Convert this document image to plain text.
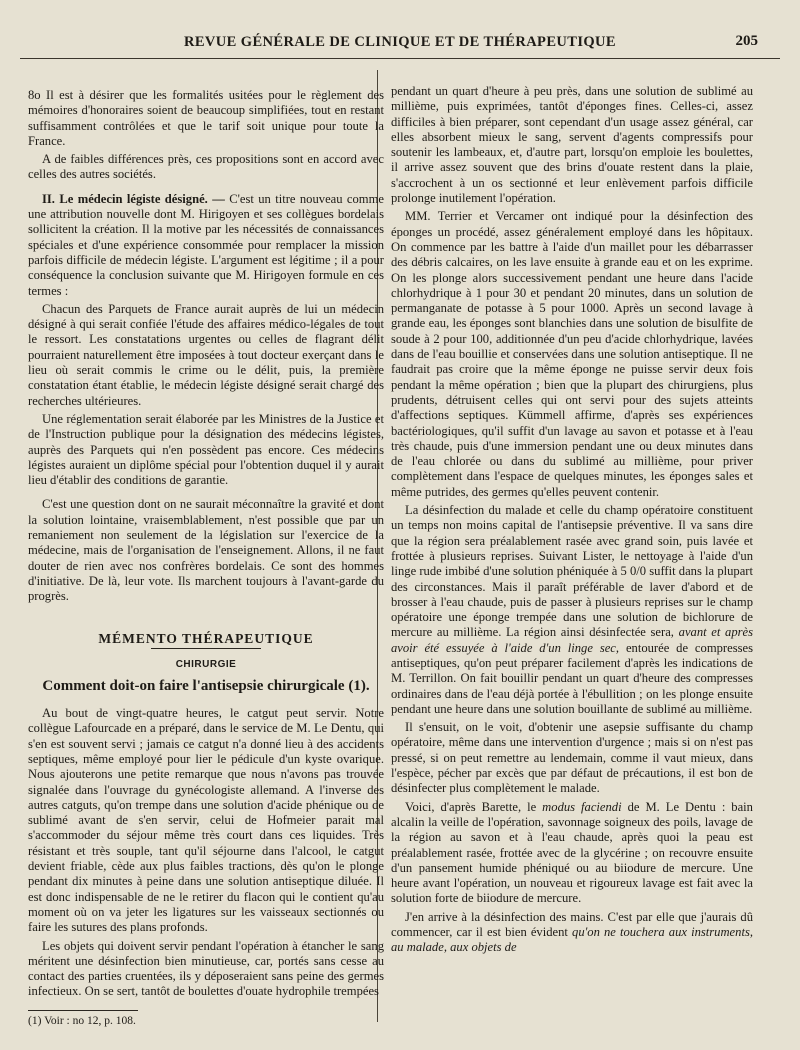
REVUE GÉNÉRALE DE CLINIQUE ET DE THÉRAPEUTIQUE	205

8o Il est à désirer que les formalités usitées pour le règlement des mémoires d'honoraires soient de beaucoup simplifiées, tout en restant suffisamment contrôlées et que le tarif soit unique pour toute la France.

A de faibles différences près, ces propositions sont en accord avec celles des autres sociétés.

II. Le médecin légiste désigné. — C'est un titre nouveau comme une attribution nouvelle dont M. Hirigoyen et ses collègues bordelais sollicitent la création. Il la motive par les nécessités de connaissances spéciales et d'une expérience consommée pour remplacer la mission parfois difficile de médecin légiste. L'argument est légitime ; il a pour conséquence la conclusion suivante que M. Hirigoyen formule en ces termes :

Chacun des Parquets de France aurait auprès de lui un médecin désigné à qui serait confiée l'étude des affaires médico-légales de tout le ressort. Les constatations urgentes ou celles de flagrant délit pourraient naturellement être imposées à tout docteur exerçant dans le lieu où serait commis le crime ou le délit, puis, la première constatation étant établie, le médecin légiste désigné serait chargé des recherches ultérieures.

Une réglementation serait élaborée par les Ministres de la Justice et de l'Instruction publique pour la désignation des médecins légistes, auprès des Parquets qui n'en possèdent pas encore. Ces médecins légistes auraient un diplôme spécial pour l'obtention duquel il y aurait lieu d'établir des conditions de garantie.

C'est une question dont on ne saurait méconnaître la gravité et dont la solution lointaine, vraisemblablement, n'est possible que par un remaniement non seulement de la législation sur l'exercice de la médecine, mais de l'organisation de l'enseignement. Allons, il ne faut douter de rien avec nos confrères bordelais. Ce sont des hommes d'initiative. De là, leur vote. Ils marchent toujours à l'avant-garde du progrès.

MÉMENTO THÉRAPEUTIQUE
CHIRURGIE
Comment doit-on faire l'antisepsie chirurgicale (1).

Au bout de vingt-quatre heures, le catgut peut servir. Notre collègue Lafourcade en a préparé, dans le service de M. Le Dentu, qui s'en est souvent servi ; jamais ce catgut n'a donné lieu à des accidents septiques, même employé pour lier le pédicule d'un kyste ovarique. Nous ajouterons une petite remarque que nous n'avons pas trouvée signalée dans l'ouvrage du gynécologiste allemand. A l'inverse des autres catguts, qu'on trempe dans une solution d'acide phénique ou de sublimé avant de s'en servir, celui de Hofmeier parait mal s'accommoder du séjour même très court dans ces liquides. Très résistant et très souple, tant qu'il séjourne dans l'alcool, le catgut devient friable, cède aux plus faibles tractions, dès qu'on le plonge pendant dix minutes à peine dans une solution antiseptique diluée. Il est donc indispensable de ne le retirer du flacon qui le contient qu'au moment où on va jeter les ligatures sur les vaisseaux sectionnés ou faire les sutures des plans profonds.

Les objets qui doivent servir pendant l'opération à étancher le sang méritent une désinfection bien minutieuse, car, portés sans cesse au contact des parties cruentées, ils y déposeraient sans peine des germes infectieux. On se sert, tantôt de boulettes d'ouate hydrophile trempées

(1) Voir : no 12, p. 108.

pendant un quart d'heure à peu près, dans une solution de sublimé au millième, puis exprimées, tantôt d'éponges fines. Celles-ci, assez difficiles à bien préparer, sont cependant d'un usage assez général, car elles absorbent mieux le sang, servent d'agents compressifs pour soutenir les lambeaux, et, d'autre part, lorsqu'on emploie les boulettes, il arrive assez souvent que des brins d'ouate restent dans la plaie, s'accrochent à un os sectionné et leur enlèvement parfois difficile prolonge inutilement l'opération.

MM. Terrier et Vercamer ont indiqué pour la désinfection des éponges un procédé, assez généralement employé dans les hôpitaux. On commence par les battre à l'aide d'un maillet pour les débarrasser des débris calcaires, on les lave ensuite à grande eau et on les exprime. On les plonge alors successivement pendant une heure dans l'acide chlorhydrique à 1 pour 30 et pendant 20 minutes, dans un solution de permanganate de potasse à 5 pour 1000. Après un second lavage à grande eau, les éponges sont blanchies dans une solution de bisulfite de soude à 2 pour 100, additionnée d'un peu d'acide chlorhydrique, lavées dans de l'eau bouillie et conservées dans une solution antiseptique. Il ne faudrait pas croire que la même éponge ne puisse servir deux fois pendant la même opération ; bien que la plupart des chirurgiens, plus prudents, détruisent celles qui ont servi pour des sujets atteints d'affections septiques. Kümmell affirme, d'après ses expériences bactériologiques, qu'il suffit d'un lavage au savon et potasse et à l'eau très chaude, puis d'une immersion pendant une ou deux minutes dans de l'eau chlorée ou dans du sublimé au millième, pour priver complètement dans l'espace de quelques minutes, les éponges sales et même putrides, des germes qu'elles peuvent contenir.

La désinfection du malade et celle du champ opératoire constituent un temps non moins capital de l'antisepsie préventive. Il va sans dire que la région sera préalablement rasée avec grand soin, puis lavée et frottée à plusieurs reprises. Suivant Lister, le nettoyage à l'aide d'un linge rude imbibé d'une solution phéniquée à 5 0/0 suffit dans la plupart des circonstances. Mais il paraît préférable de laver d'abord et de brosser à l'eau chaude, puis de passer à plusieurs reprises sur le champ opératoire une éponge trempée dans une solution de bichlorure de mercure au millième. La région ainsi désinfectée sera, avant et après avoir été essuyée à l'aide d'un linge sec, entourée de compresses antiseptiques, qu'on peut préparer facilement d'après les indications de M. Terrillon. On fait bouillir pendant un quart d'heure des compresses ordinaires dans de l'eau déjà portée à l'ébullition ; on les plonge ensuite pendant une heure dans une solution bouillante de sublimé au millième.

Il s'ensuit, on le voit, d'obtenir une asepsie suffisante du champ opératoire, même dans une intervention d'urgence ; mais si on n'est pas pressé, si on peut remettre au lendemain, comme il vaut mieux, dans l'espèce, pécher par excès que par défaut de précautions, il est bon de désinfecter plus complètement le malade.

Voici, d'après Barette, le modus faciendi de M. Le Dentu : bain alcalin la veille de l'opération, savonnage soigneux des poils, lavage de la région au savon et à l'eau chaude, après quoi la peau est préalablement rasée, frottée avec de la glycérine ; on recouvre ensuite d'un pansement humide phéniqué ou au biiodure de mercure. Une heure avant l'opération, un nouveau et rigoureux lavage est fait avec la solution forte de biiodure de mercure.

J'en arrive à la désinfection des mains. C'est par elle que j'aurais dû commencer, car il est bien évident qu'on ne touchera aux instruments, au malade, aux objets de
